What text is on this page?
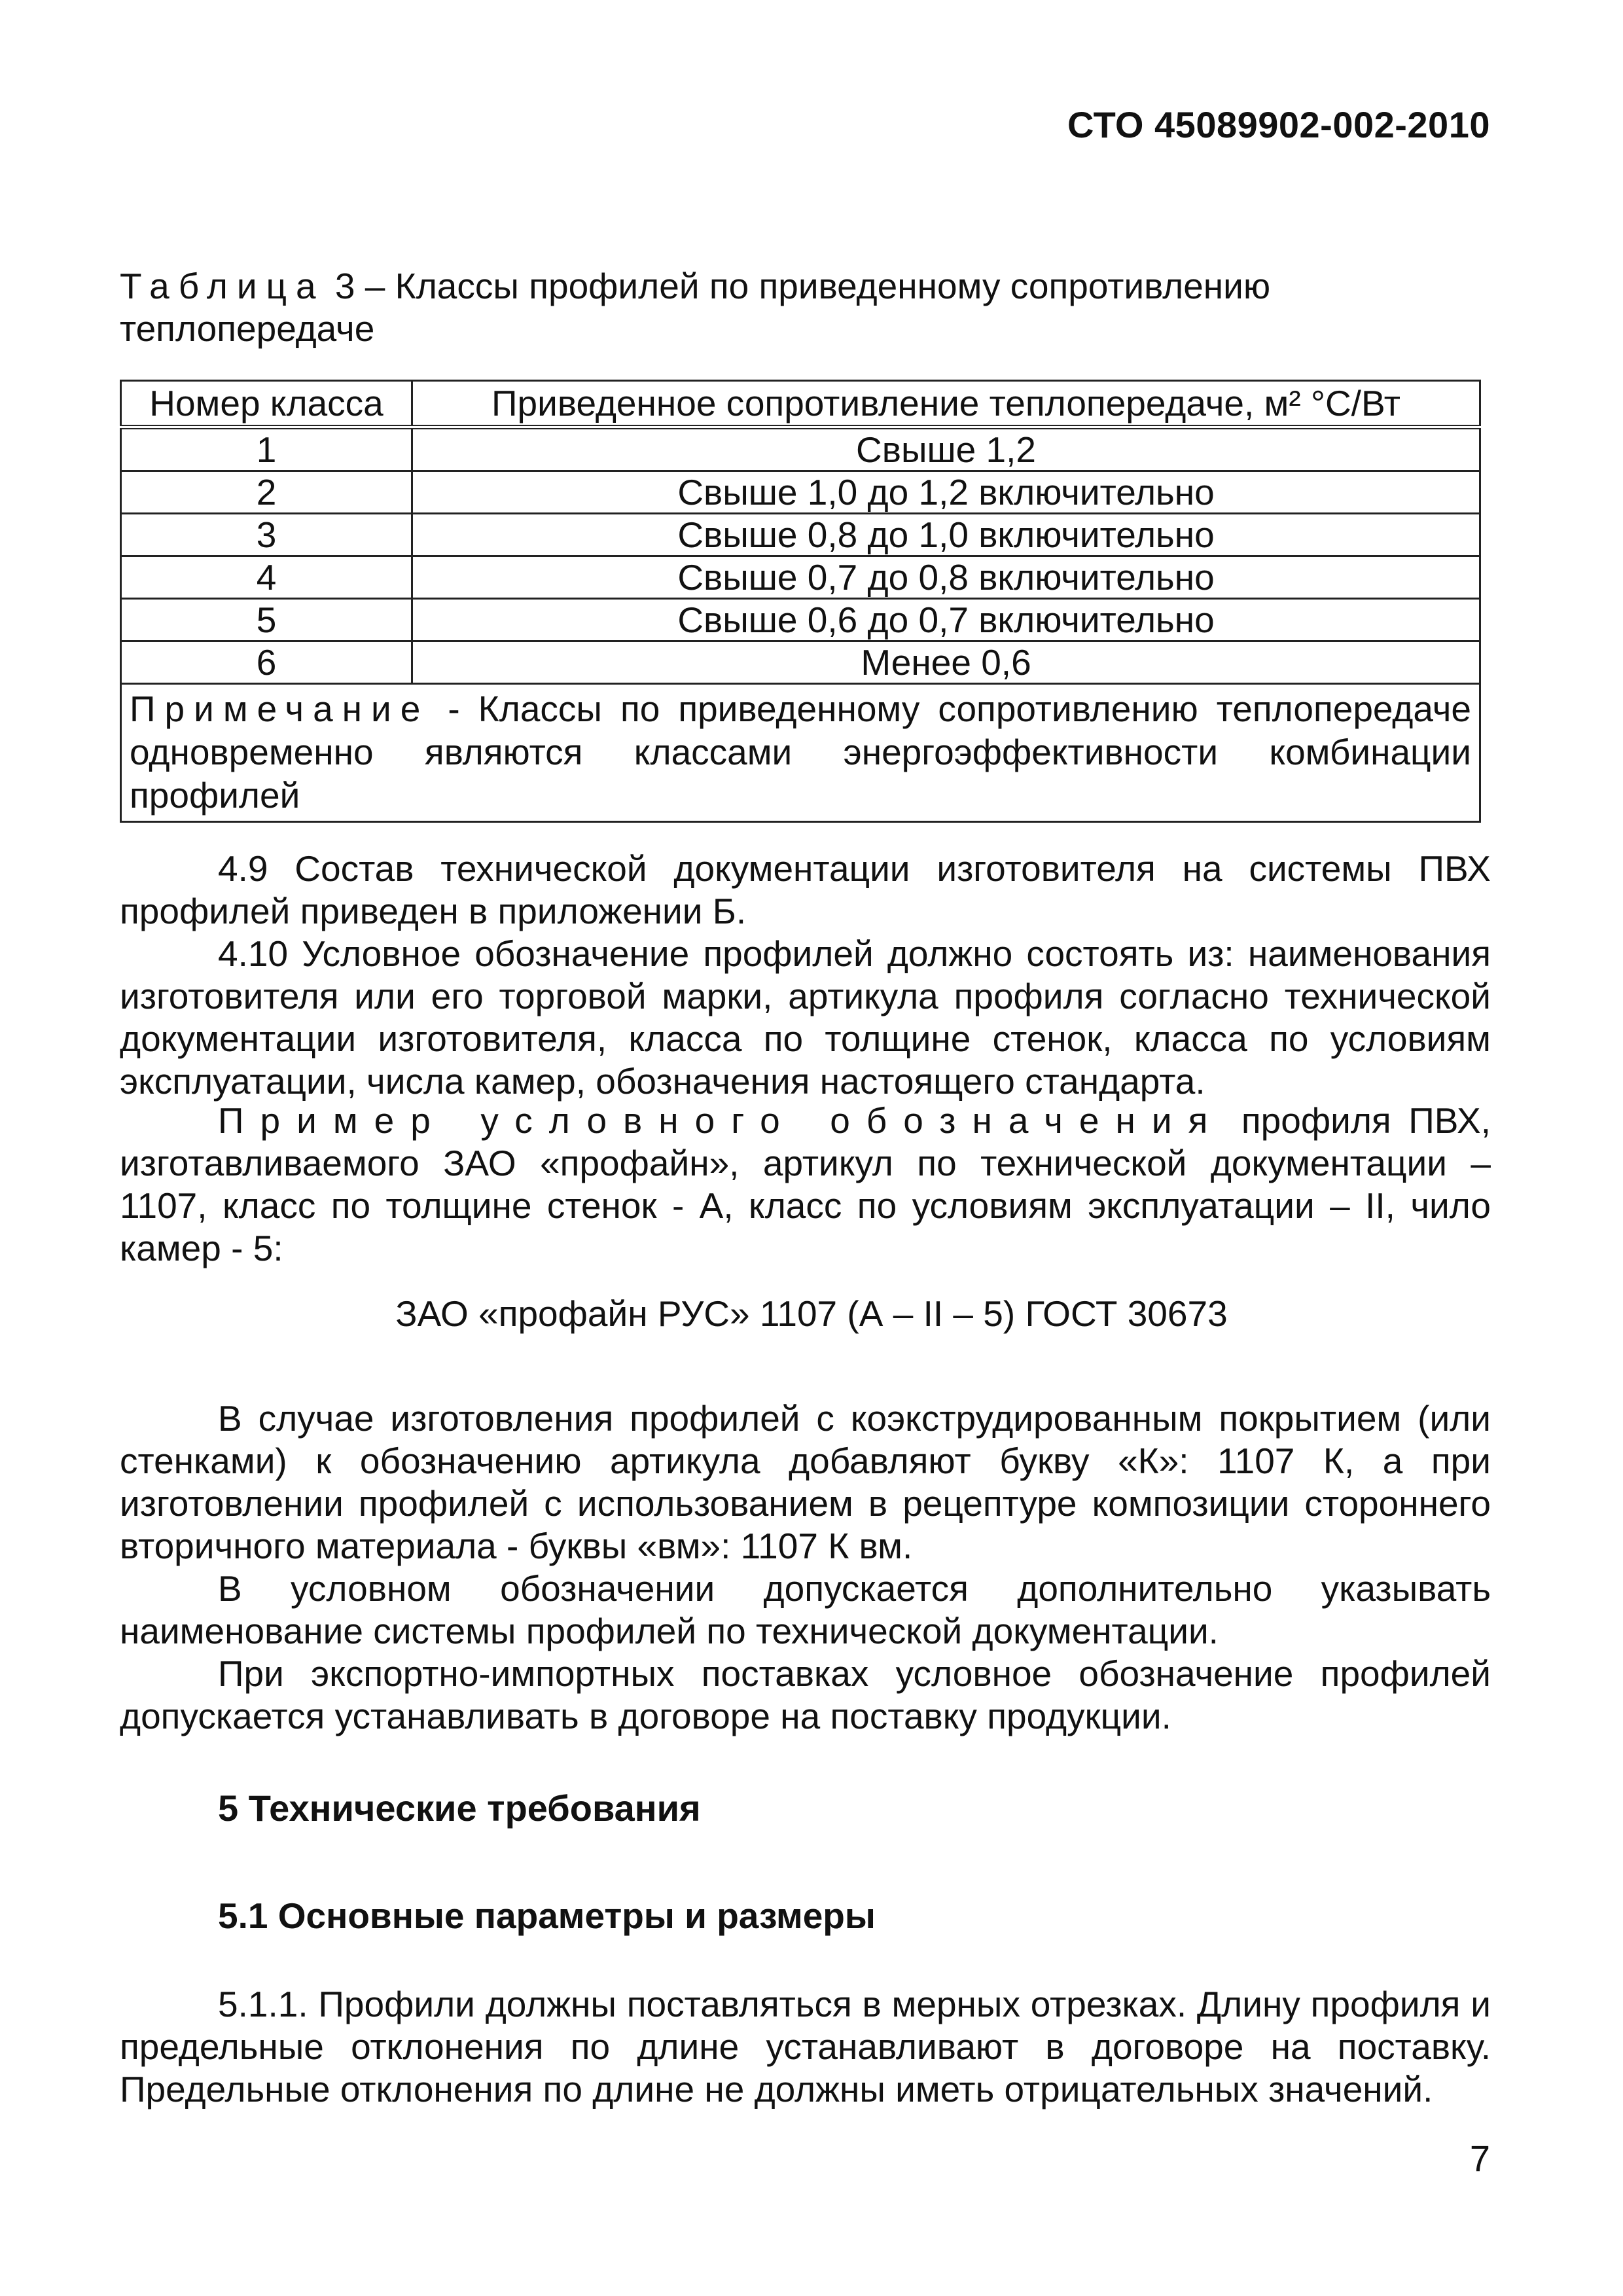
СТО 45089902-002-2010
Таблица 3 – Классы профилей по приведенному сопротивлению теплопередаче
Номер класса	Приведенное сопротивление теплопередаче, м² °С/Вт
1	Свыше 1,2
2	Свыше 1,0 до 1,2 включительно
3	Свыше 0,8 до 1,0 включительно
4	Свыше 0,7 до 0,8 включительно
5	Свыше 0,6 до 0,7 включительно
6	Менее 0,6
Примечание - Классы по приведенному сопротивлению теплопередаче одновременно являются классами энергоэффективности комбинации профилей	
4.9 Состав технической документации изготовителя на системы ПВХ профилей приведен в приложении Б.
4.10 Условное обозначение профилей должно состоять из: наименования изготовителя или его торговой марки, артикула профиля согласно технической документации изготовителя, класса по толщине стенок, класса по условиям эксплуатации, числа камер, обозначения настоящего стандарта.
Пример условного обозначения профиля ПВХ, изготавливаемого ЗАО «профайн», артикул по технической документации – 1107, класс по толщине стенок - А, класс по условиям эксплуатации – II, чило камер - 5:
ЗАО «профайн РУС» 1107 (А – II – 5) ГОСТ 30673
В случае изготовления профилей с коэкструдированным покрытием (или стенками) к обозначению артикула добавляют букву «К»: 1107 К, а при изготовлении профилей с использованием в рецептуре композиции стороннего вторичного материала - буквы «вм»: 1107 К вм.
В условном обозначении допускается дополнительно указывать наименование системы профилей по технической документации.
При экспортно-импортных поставках условное обозначение профилей допускается устанавливать в договоре на поставку продукции.
5 Технические требования
5.1 Основные параметры и размеры
5.1.1. Профили должны поставляться в мерных отрезках. Длину профиля и предельные отклонения по длине устанавливают в договоре на поставку. Предельные отклонения по длине не должны иметь отрицательных значений.
7
